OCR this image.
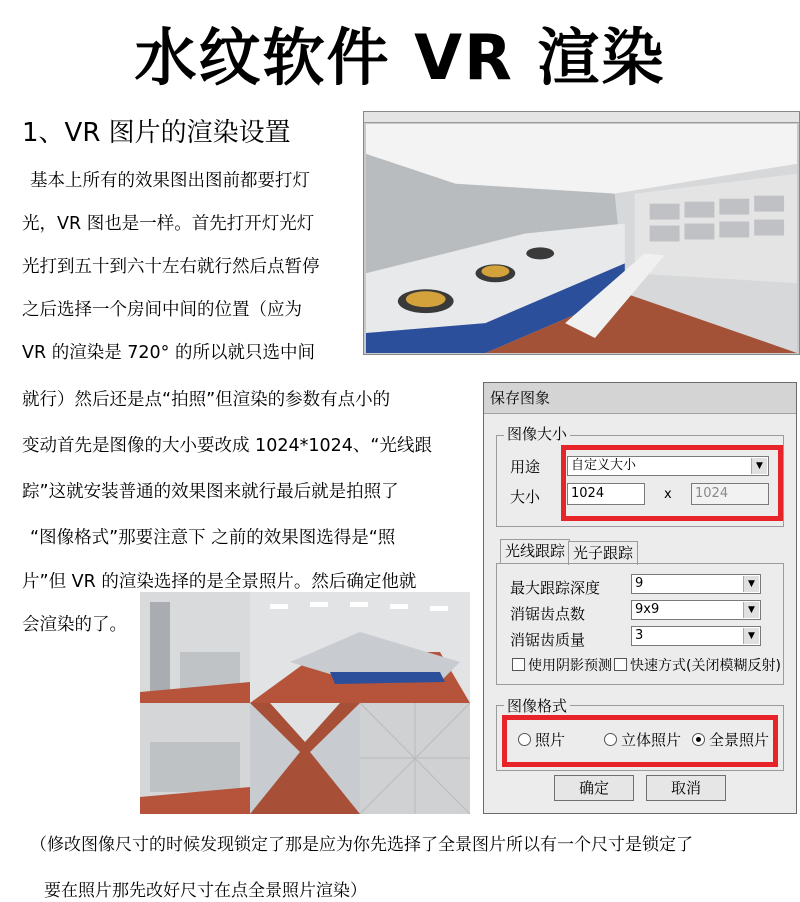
水纹软件 VR 渲染
1、VR 图片的渲染设置
基本上所有的效果图出图前都要打灯
光，VR 图也是一样。首先打开灯光灯
光打到五十到六十左右就行然后点暂停
之后选择一个房间中间的位置（应为
VR 的渲染是 720° 的所以就只选中间
就行）然后还是点“拍照”但渲染的参数有点小的
变动首先是图像的大小要改成 1024*1024、“光线跟
踪”这就安装普通的效果图来就行最后就是拍照了
“图像格式”那要注意下 之前的效果图选得是“照
片”但 VR 的渲染选择的是全景照片。然后确定他就
会渲染的了。
保存图象
图像大小
用途	自定义大小	▼
大小	1024	x	1024
光线跟踪 光子跟踪
最大跟踪深度	9	▼
消锯齿点数	9x9	▼
消锯齿质量	3	▼
使用阴影预测	快速方式(关闭模糊反射)
图像格式
照片	立体照片	全景照片
确定	取消
（修改图像尺寸的时候发现锁定了那是应为你先选择了全景图片所以有一个尺寸是锁定了
要在照片那先改好尺寸在点全景照片渲染）
